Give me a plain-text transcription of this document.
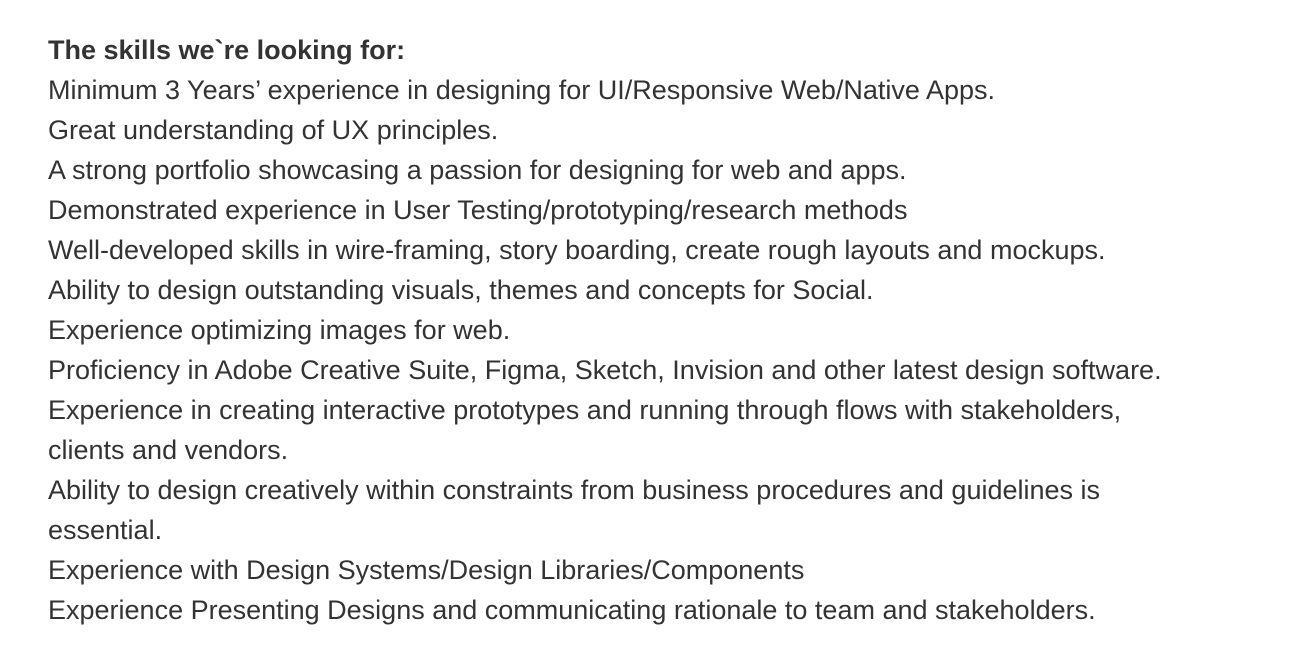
The skills we`re looking for:

Minimum 3 Years’ experience in designing for UI/Responsive Web/Native Apps.

Great understanding of UX principles.

A strong portfolio showcasing a passion for designing for web and apps.

Demonstrated experience in User Testing/prototyping/research methods

Well-developed skills in wire-framing, story boarding, create rough layouts and mockups.

Ability to design outstanding visuals, themes and concepts for Social.

Experience optimizing images for web.

Proficiency in Adobe Creative Suite, Figma, Sketch, Invision and other latest design software.

Experience in creating interactive prototypes and running through flows with stakeholders, clients and vendors.

Ability to design creatively within constraints from business procedures and guidelines is essential.

Experience with Design Systems/Design Libraries/Components

Experience Presenting Designs and communicating rationale to team and stakeholders.
